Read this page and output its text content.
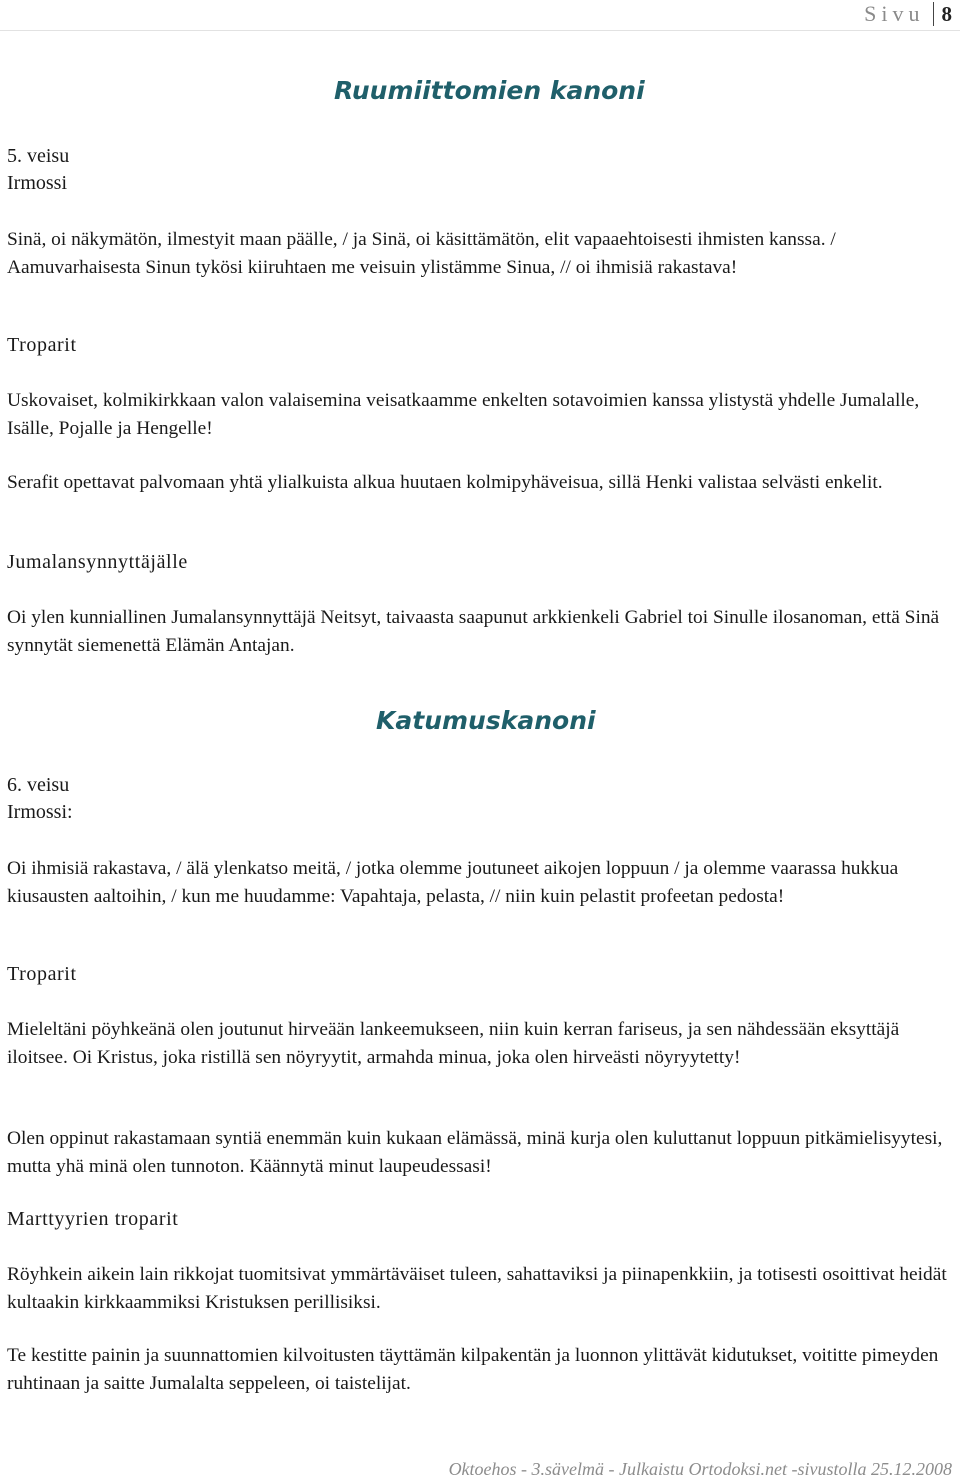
Sivu 8
Ruumiittomien kanoni
5. veisu
Irmossi

Sinä, oi näkymätön, ilmestyit maan päälle, / ja Sinä, oi käsittämätön, elit vapaaehtoisesti ihmisten kanssa. / Aamuvarhaisesta Sinun tykösi kiiruhtaen me veisuin ylistämme Sinua, // oi ihmisiä rakastava!

Troparit

Uskovaiset, kolmikirkkaan valon valaisemina veisatkaamme enkelten sotavoimien kanssa ylistystä yhdelle Jumalalle, Isälle, Pojalle ja Hengelle!

Serafit opettavat palvomaan yhtä ylialkuista alkua huutaen kolmipyhäveisua, sillä Henki valistaa selvästi enkelit.

Jumalansynnyttäjälle

Oi ylen kunniallinen Jumalansynnyttäjä Neitsyt, taivaasta saapunut arkkienkeli Gabriel toi Sinulle ilosanoman, että Sinä synnytät siemenettä Elämän Antajan.

Katumuskanoni
6. veisu
Irmossi:

Oi ihmisiä rakastava, / älä ylenkatso meitä, / jotka olemme joutuneet aikojen loppuun / ja olemme vaarassa hukkua kiusausten aaltoihin, / kun me huudamme: Vapahtaja, pelasta, // niin kuin pelastit profeetan pedosta!

Troparit

Mieleltäni pöyhkeänä olen joutunut hirveään lankeemukseen, niin kuin kerran fariseus, ja sen nähdessään eksyttäjä iloitsee. Oi Kristus, joka ristillä sen nöyryytit, armahda minua, joka olen hirveästi nöyryytetty!

Olen oppinut rakastamaan syntiä enemmän kuin kukaan elämässä, minä kurja olen kuluttanut loppuun pitkämielisyytesi, mutta yhä minä olen tunnoton. Käännytä minut laupeudessasi!

Marttyyrien troparit

Röyhkein aikein lain rikkojat tuomitsivat ymmärtäväiset tuleen, sahattaviksi ja piinapenkkiin, ja totisesti osoittivat heidät kultaakin kirkkaammiksi Kristuksen perillisiksi.

Te kestitte painin ja suunnattomien kilvoitusten täyttämän kilpakentän ja luonnon ylittävät kidutukset, voititte pimeyden ruhtinaan ja saitte Jumalalta seppeleen, oi taistelijat.

Oktoehos - 3.sävelmä - Julkaistu Ortodoksi.net -sivustolla 25.12.2008
